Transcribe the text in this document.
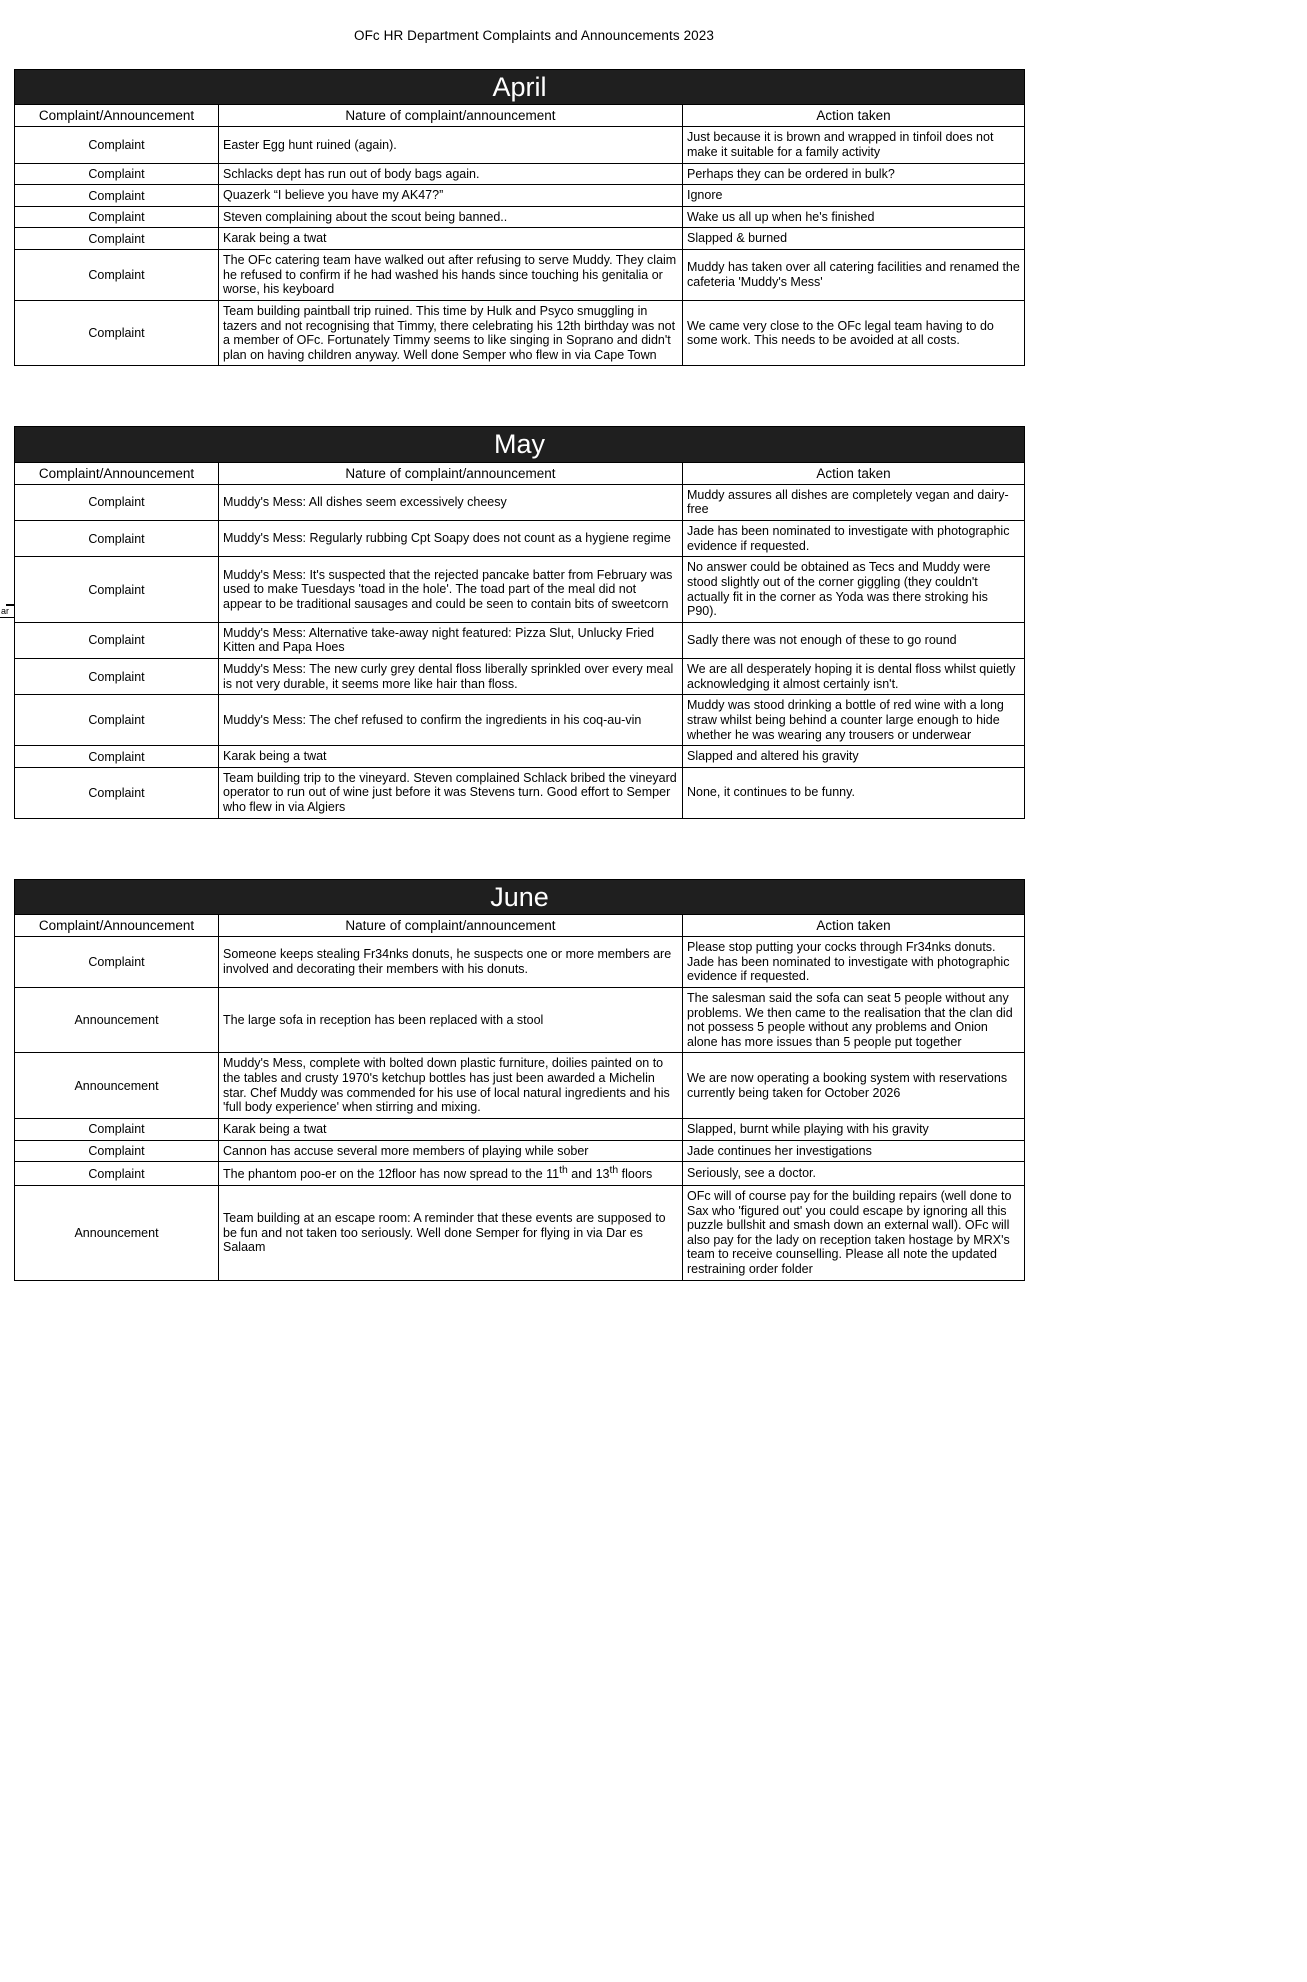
OFc HR Department Complaints and Announcements 2023
April		
Complaint/Announcement	Nature of complaint/announcement	Action taken
Complaint	Easter Egg hunt ruined (again).	Just because it is brown and wrapped in tinfoil does not make it suitable for a family activity
Complaint	Schlacks dept has run out of body bags again.	Perhaps they can be ordered in bulk?
Complaint	Quazerk “I believe you have my AK47?”	Ignore
Complaint	Steven complaining about the scout being banned..	Wake us all up when he's finished
Complaint	Karak being a twat	Slapped & burned
Complaint	The OFc catering team have walked out after refusing to serve Muddy. They claim he refused to confirm if he had washed his hands since touching his genitalia or worse, his keyboard	Muddy has taken over all catering facilities and renamed the cafeteria 'Muddy's Mess'
Complaint	Team building paintball trip ruined. This time by Hulk and Psyco smuggling in tazers and not recognising that Timmy, there celebrating his 12th birthday was not a member of OFc. Fortunately Timmy seems to like singing in Soprano and didn't plan on having children anyway. Well done Semper who flew in via Cape Town	We came very close to the OFc legal team having to do some work. This needs to be avoided at all costs.
May		
Complaint/Announcement	Nature of complaint/announcement	Action taken
Complaint	Muddy's Mess: All dishes seem excessively cheesy	Muddy assures all dishes are completely vegan and dairy-free
Complaint	Muddy's Mess: Regularly rubbing Cpt Soapy does not count as a hygiene regime	Jade has been nominated to investigate with photographic evidence if requested.
Complaint	Muddy's Mess: It's suspected that the rejected pancake batter from February was used to make Tuesdays 'toad in the hole'. The toad part of the meal did not appear to be traditional sausages and could be seen to contain bits of sweetcorn	No answer could be obtained as Tecs and Muddy were stood slightly out of the corner giggling (they couldn't actually fit in the corner as Yoda was there stroking his P90).
Complaint	Muddy's Mess: Alternative take-away night featured: Pizza Slut, Unlucky Fried Kitten and Papa Hoes	Sadly there was not enough of these to go round
Complaint	Muddy's Mess: The new curly grey dental floss liberally sprinkled over every meal is not very durable, it seems more like hair than floss.	We are all desperately hoping it is dental floss whilst quietly acknowledging it almost certainly isn't.
Complaint	Muddy's Mess: The chef refused to confirm the ingredients in his coq-au-vin	Muddy was stood drinking a bottle of red wine with a long straw whilst being behind a counter large enough to hide whether he was wearing any trousers or underwear
Complaint	Karak being a twat	Slapped and altered his gravity
Complaint	Team building trip to the vineyard. Steven complained Schlack bribed the vineyard operator to run out of wine just before it was Stevens turn. Good effort to Semper who flew in via Algiers	None, it continues to be funny.
June		
Complaint/Announcement	Nature of complaint/announcement	Action taken
Complaint	Someone keeps stealing Fr34nks donuts, he suspects one or more members are involved and decorating their members with his donuts.	Please stop putting your cocks through Fr34nks donuts. Jade has been nominated to investigate with photographic evidence if requested.
Announcement	The large sofa in reception has been replaced with a stool	The salesman said the sofa can seat 5 people without any problems. We then came to the realisation that the clan did not possess 5 people without any problems and Onion alone has more issues than 5 people put together
Announcement	Muddy's Mess, complete with bolted down plastic furniture, doilies painted on to the tables and crusty 1970's ketchup bottles has just been awarded a Michelin star. Chef Muddy was commended for his use of local natural ingredients and his 'full body experience' when stirring and mixing.	We are now operating a booking system with reservations currently being taken for October 2026
Complaint	Karak being a twat	Slapped, burnt while playing with his gravity
Complaint	Cannon has accuse several more members of playing while sober	Jade continues her investigations
Complaint	The phantom poo-er on the 12floor has now spread to the 11th and 13th floors	Seriously, see a doctor.
Announcement	Team building at an escape room: A reminder that these events are supposed to be fun and not taken too seriously. Well done Semper for flying in via Dar es Salaam	OFc will of course pay for the building repairs (well done to Sax who 'figured out' you could escape by ignoring all this puzzle bullshit and smash down an external wall). OFc will also pay for the lady on reception taken hostage by MRX's team to receive counselling. Please all note the updated restraining order folder
ar
